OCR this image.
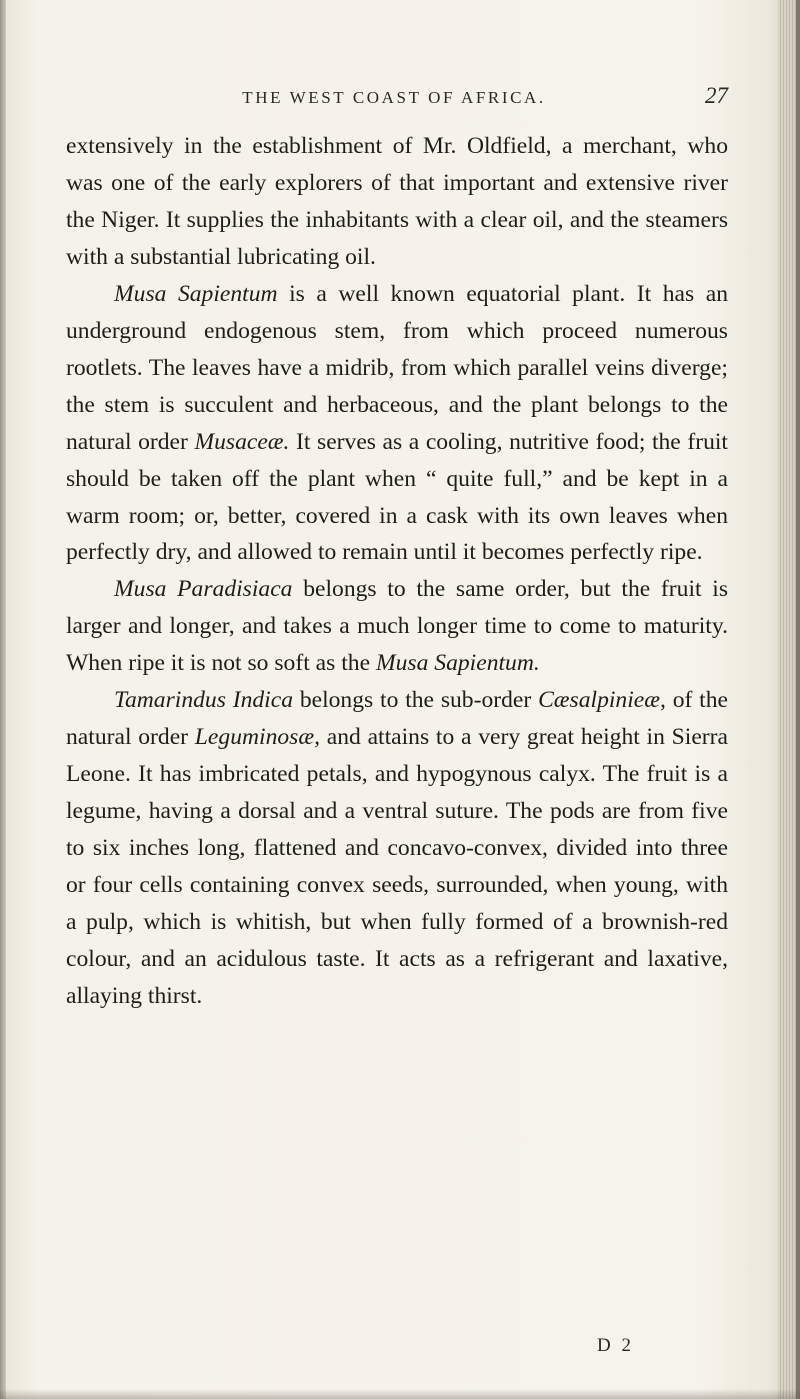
THE WEST COAST OF AFRICA.	27

extensively in the establishment of Mr. Oldfield, a merchant, who was one of the early explorers of that important and extensive river the Niger. It supplies the inhabitants with a clear oil, and the steamers with a substantial lubricating oil.

Musa Sapientum is a well known equatorial plant. It has an underground endogenous stem, from which proceed numerous rootlets. The leaves have a midrib, from which parallel veins diverge; the stem is succulent and herbaceous, and the plant belongs to the natural order Musaceæ. It serves as a cooling, nutritive food; the fruit should be taken off the plant when “ quite full,” and be kept in a warm room; or, better, covered in a cask with its own leaves when perfectly dry, and allowed to remain until it becomes perfectly ripe.

Musa Paradisiaca belongs to the same order, but the fruit is larger and longer, and takes a much longer time to come to maturity. When ripe it is not so soft as the Musa Sapientum.

Tamarindus Indica belongs to the sub-order Cæsalpinieæ, of the natural order Leguminosæ, and attains to a very great height in Sierra Leone. It has imbricated petals, and hypogynous calyx. The fruit is a legume, having a dorsal and a ventral suture. The pods are from five to six inches long, flattened and concavo-convex, divided into three or four cells containing convex seeds, surrounded, when young, with a pulp, which is whitish, but when fully formed of a brownish-red colour, and an acidulous taste. It acts as a refrigerant and laxative, allaying thirst.

D 2
